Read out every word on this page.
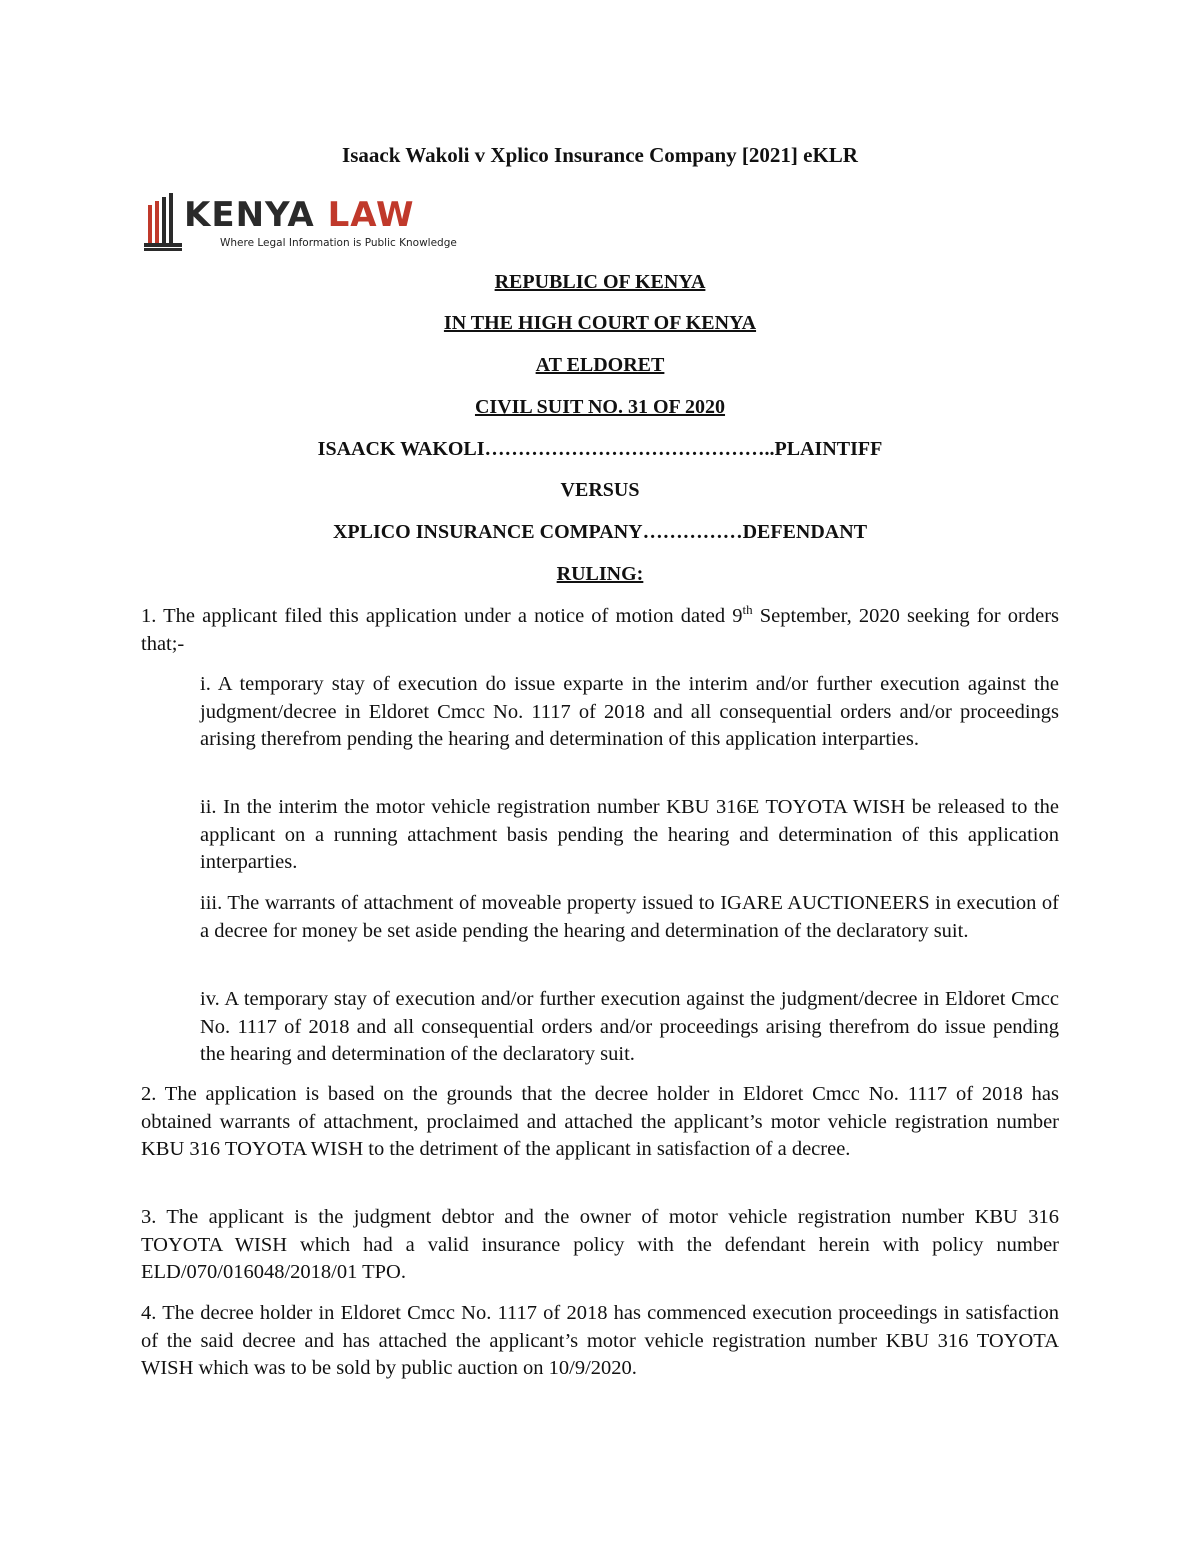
Isaack Wakoli v Xplico Insurance Company [2021] eKLR
KENYA LAW
Where Legal Information is Public Knowledge

REPUBLIC OF KENYA

IN THE HIGH COURT OF KENYA

AT ELDORET

CIVIL SUIT NO. 31 OF 2020

ISAACK WAKOLI……………………………………..PLAINTIFF

VERSUS

XPLICO INSURANCE COMPANY……………DEFENDANT

RULING:

1. The applicant filed this application under a notice of motion dated 9th September, 2020 seeking for orders that;-

i. A temporary stay of execution do issue exparte in the interim and/or further execution against the judgment/decree in Eldoret Cmcc No. 1117 of 2018 and all consequential orders and/or proceedings arising therefrom pending the hearing and determination of this application interparties.

ii. In the interim the motor vehicle registration number KBU 316E TOYOTA WISH be released to the applicant on a running attachment basis pending the hearing and determination of this application interparties.

iii. The warrants of attachment of moveable property issued to IGARE AUCTIONEERS in execution of a decree for money be set aside pending the hearing and determination of the declaratory suit.

iv. A temporary stay of execution and/or further execution against the judgment/decree in Eldoret Cmcc No. 1117 of 2018 and all consequential orders and/or proceedings arising therefrom do issue pending the hearing and determination of the declaratory suit.

2. The application is based on the grounds that the decree holder in Eldoret Cmcc No. 1117 of 2018 has obtained warrants of attachment, proclaimed and attached the applicant’s motor vehicle registration number KBU 316 TOYOTA WISH to the detriment of the applicant in satisfaction of a decree.

3. The applicant is the judgment debtor and the owner of motor vehicle registration number KBU 316 TOYOTA WISH which had a valid insurance policy with the defendant herein with policy number ELD/070/016048/2018/01 TPO.

4. The decree holder in Eldoret Cmcc No. 1117 of 2018 has commenced execution proceedings in satisfaction of the said decree and has attached the applicant’s motor vehicle registration number KBU 316 TOYOTA WISH which was to be sold by public auction on 10/9/2020.
